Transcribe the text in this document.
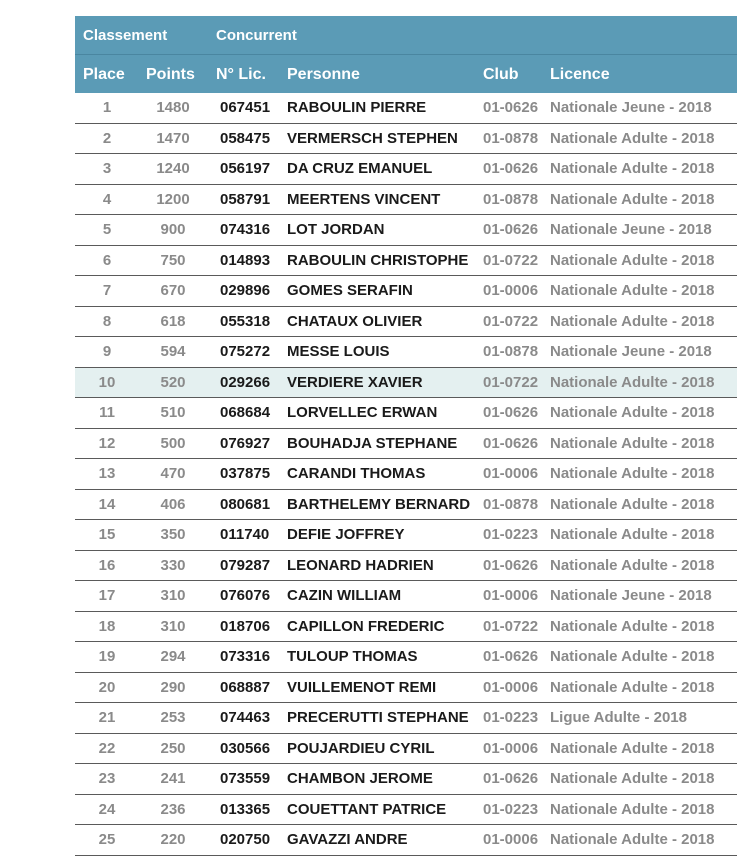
Classement	Concurrent
Place Points N° Lic. Personne	Club Licence
1	1480	067451 RABOULIN PIERRE	01-0626 Nationale Jeune - 2018
2	1470	058475 VERMERSCH STEPHEN 01-0878 Nationale Adulte - 2018
3	1240	056197 DA CRUZ EMANUEL	01-0626 Nationale Adulte - 2018
4	1200	058791 MEERTENS VINCENT	01-0878 Nationale Adulte - 2018
5	900	074316 LOT JORDAN	01-0626 Nationale Jeune - 2018
6	750	014893 RABOULIN CHRISTOPHE 01-0722 Nationale Adulte - 2018
7	670	029896 GOMES SERAFIN	01-0006 Nationale Adulte - 2018
8	618	055318 CHATAUX OLIVIER	01-0722 Nationale Adulte - 2018
9	594	075272 MESSE LOUIS	01-0878 Nationale Jeune - 2018
10	520	029266 VERDIERE XAVIER	01-0722 Nationale Adulte - 2018
11	510	068684 LORVELLEC ERWAN	01-0626 Nationale Adulte - 2018
12	500	076927 BOUHADJA STEPHANE 01-0626 Nationale Adulte - 2018
13	470	037875 CARANDI THOMAS	01-0006 Nationale Adulte - 2018
14	406	080681 BARTHELEMY BERNARD 01-0878 Nationale Adulte - 2018
15	350	011740 DEFIE JOFFREY	01-0223 Nationale Adulte - 2018
16	330	079287 LEONARD HADRIEN	01-0626 Nationale Adulte - 2018
17	310	076076 CAZIN WILLIAM	01-0006 Nationale Jeune - 2018
18	310	018706 CAPILLON FREDERIC	01-0722 Nationale Adulte - 2018
19	294	073316 TULOUP THOMAS	01-0626 Nationale Adulte - 2018
20	290	068887 VUILLEMENOT REMI	01-0006 Nationale Adulte - 2018
21	253	074463 PRECERUTTI STEPHANE 01-0223 Ligue Adulte - 2018
22	250	030566 POUJARDIEU CYRIL	01-0006 Nationale Adulte - 2018
23	241	073559 CHAMBON JEROME	01-0626 Nationale Adulte - 2018
24	236	013365 COUETTANT PATRICE 01-0223 Nationale Adulte - 2018
25	220	020750 GAVAZZI ANDRE	01-0006 Nationale Adulte - 2018
